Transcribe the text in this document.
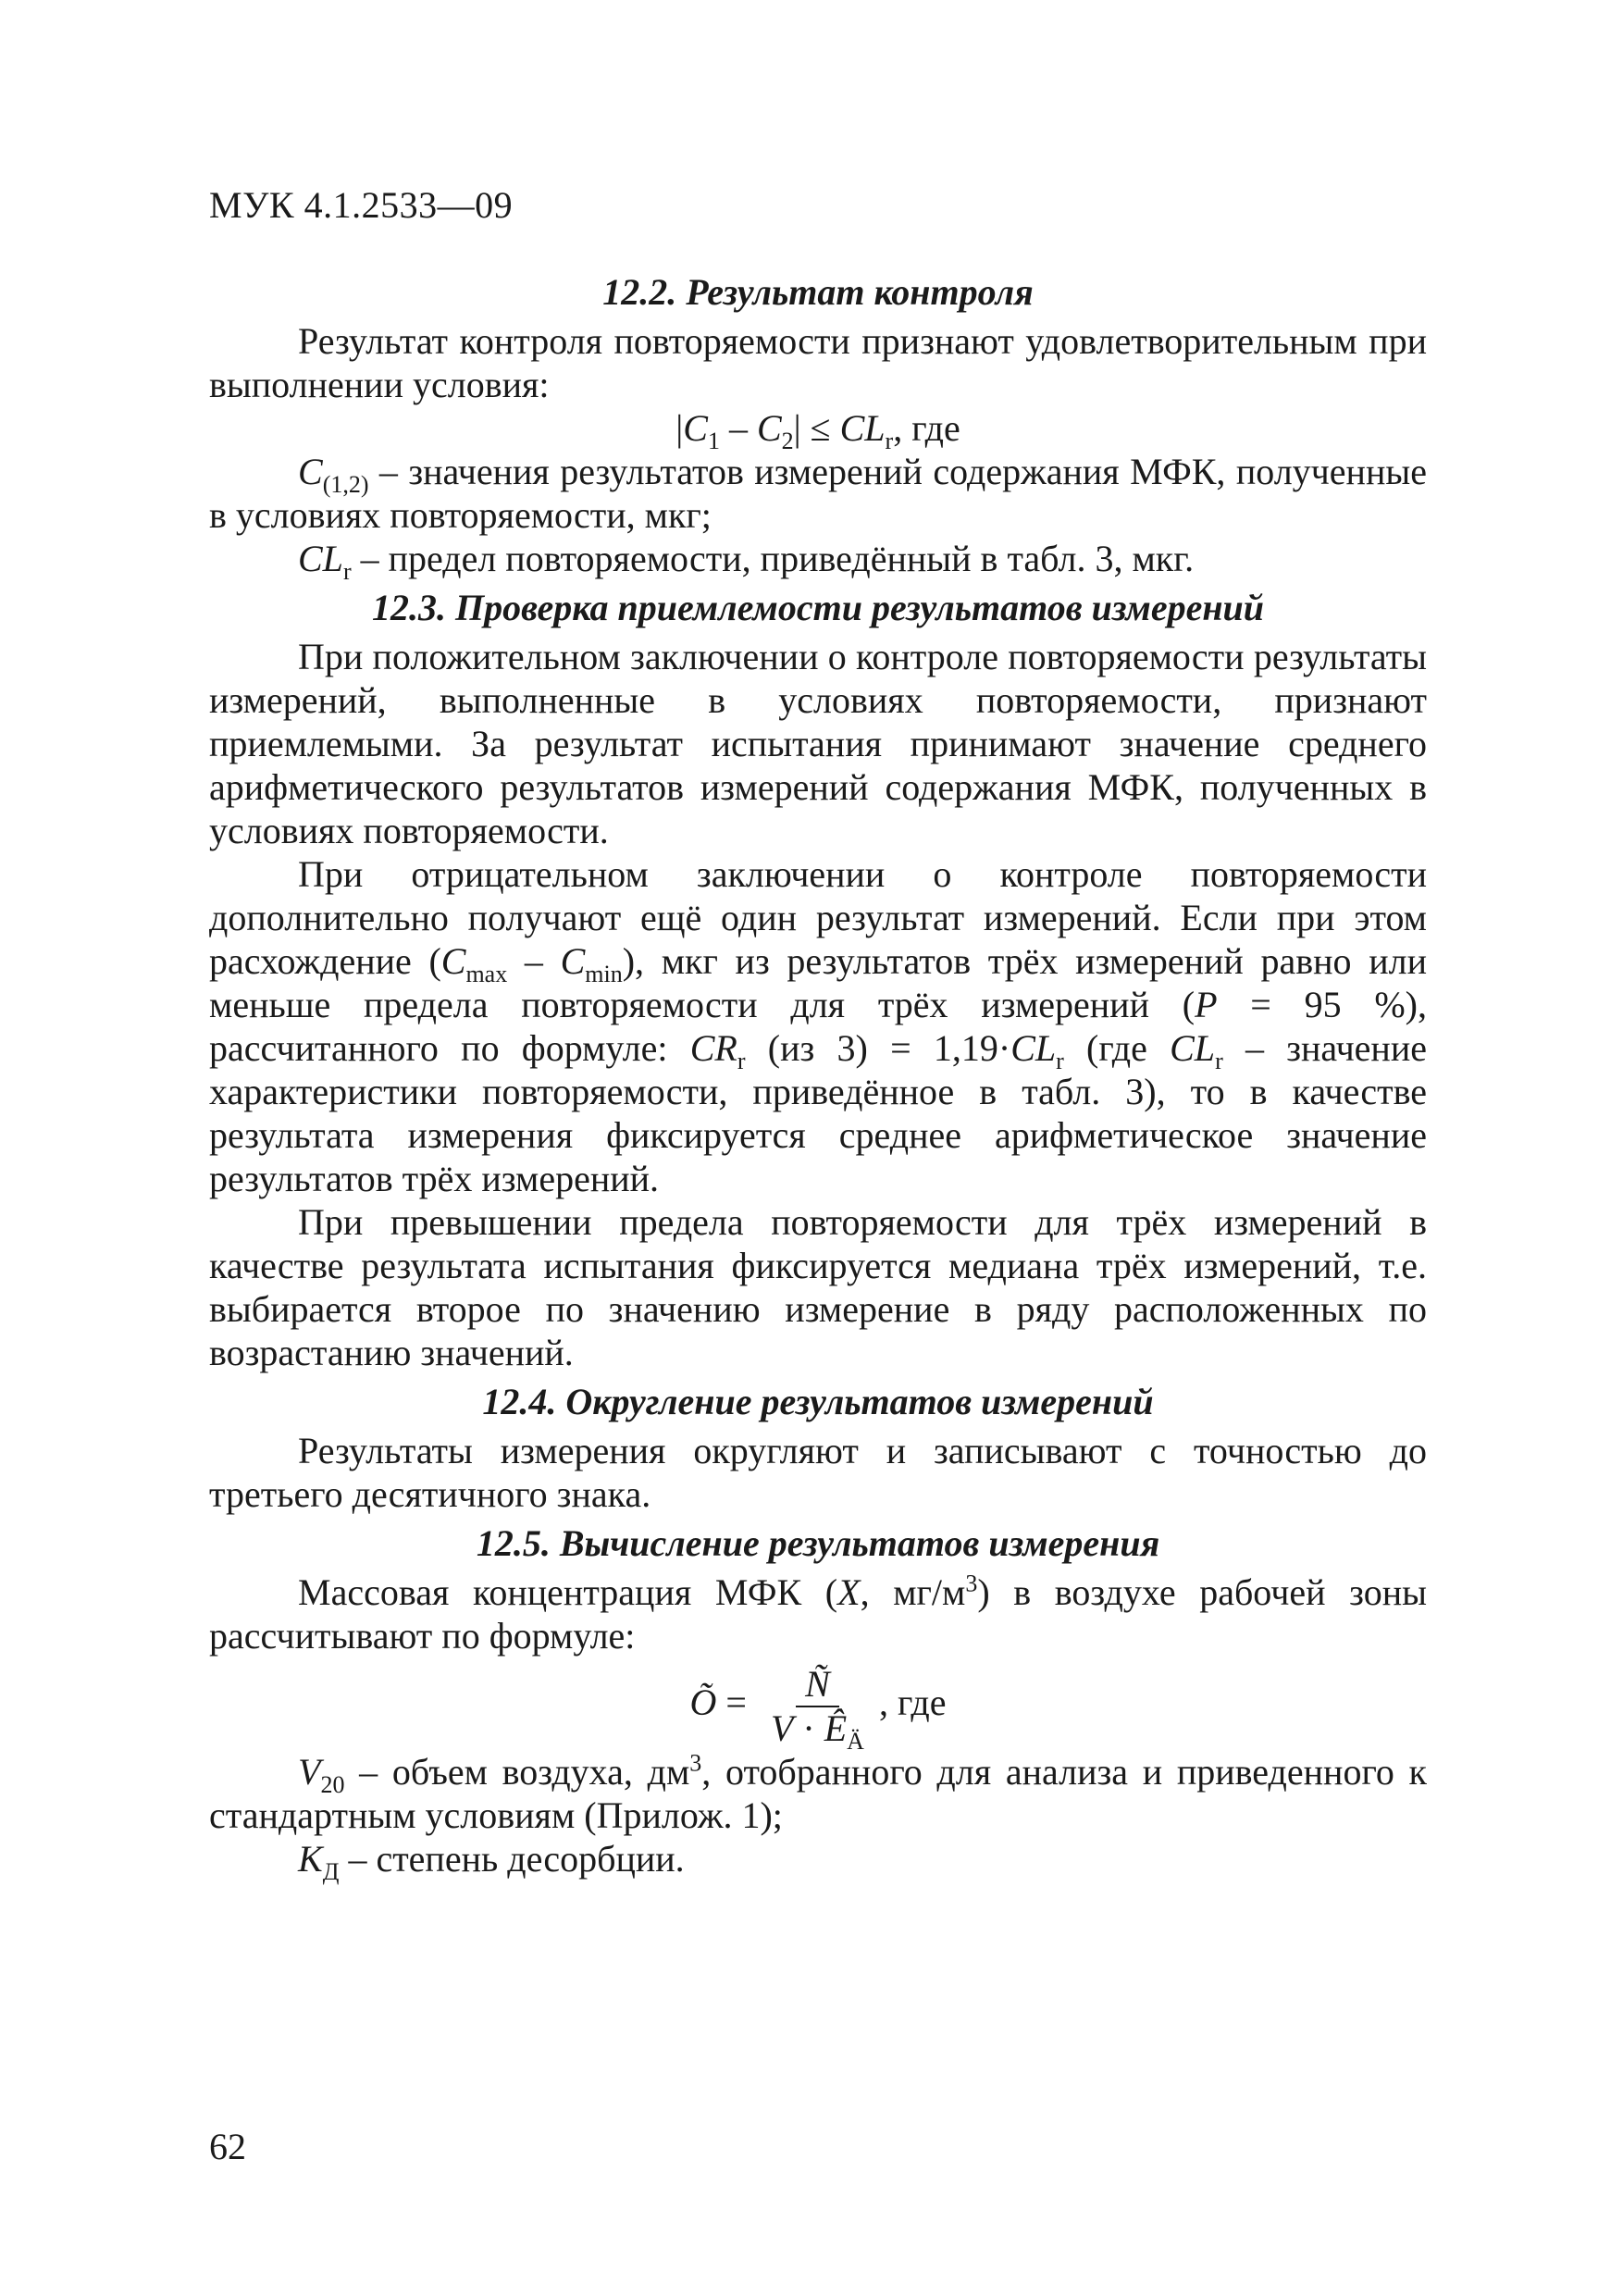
МУК 4.1.2533—09
12.2. Результат контроля

Результат контроля повторяемости признают удовлетворительным при выполнении условия:

$|C_1 - C_2| \le CL_r$, где

$C_{(1,2)}$ – значения результатов измерений содержания МФК, полученные в условиях повторяемости, мкг;

$CL_r$ – предел повторяемости, приведённый в табл. 3, мкг.

12.3. Проверка приемлемости результатов измерений

При положительном заключении о контроле повторяемости результаты измерений, выполненные в условиях повторяемости, признают приемлемыми. За результат испытания принимают значение среднего арифметического результатов измерений содержания МФК, полученных в условиях повторяемости.

При отрицательном заключении о контроле повторяемости дополнительно получают ещё один результат измерений. Если при этом расхождение $(C_{max} - C_{min})$, мкг из результатов трёх измерений равно или меньше предела повторяемости для трёх измерений (P = 95 %), рассчитанного по формуле: $CR_r$ (из $3) = 1,19\cdot CL_r$ (где $CL_r$ – значение характеристики повторяемости, приведённое в табл. 3), то в качестве результата измерения фиксируется среднее арифметическое значение результатов трёх измерений.

При превышении предела повторяемости для трёх измерений в качестве результата испытания фиксируется медиана трёх измерений, т.е. выбирается второе по значению измерение в ряду расположенных по возрастанию значений.

12.4. Округление результатов измерений

Результаты измерения округляют и записывают с точностью до третьего десятичного знака.

12.5. Вычисление результатов измерения

Массовая концентрация МФК (X, $мг/м^3$) в воздухе рабочей зоны рассчитывают по формуле:

Õ = $\frac{Ñ}{V \cdot Ê_Ä}$ , где

$V_{20}$ – объем воздуха, $дм^3$, отобранного для анализа и приведенного к стандартным условиям (Прилож. 1);

$K_Д$ – степень десорбции.

62
